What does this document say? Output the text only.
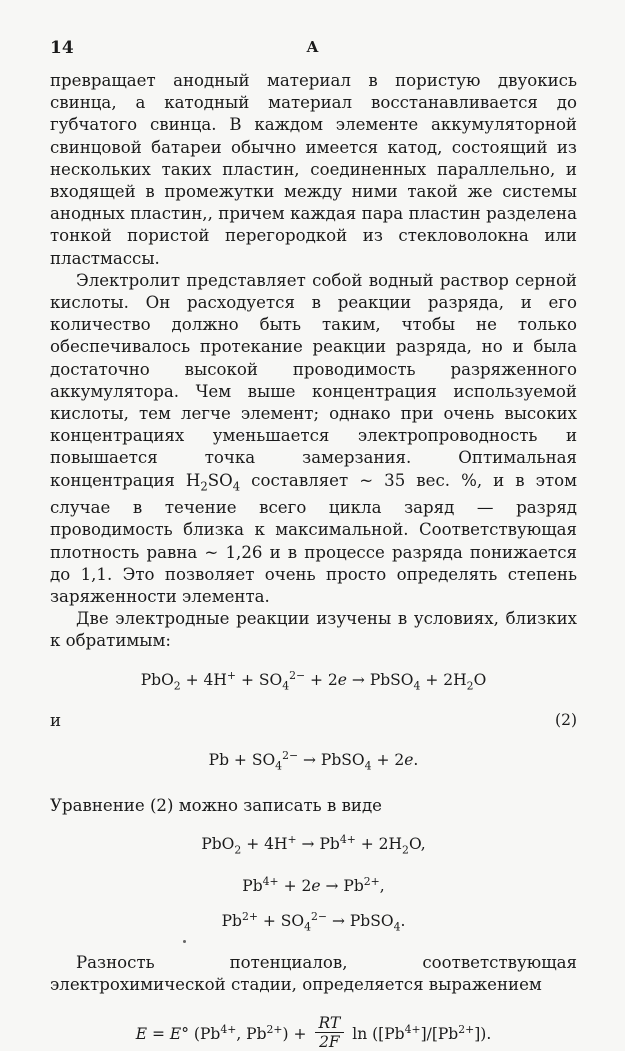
14	А

превращает анодный материал в пористую двуокись свинца, а катодный материал восстанавливается до губчатого свинца. В каждом элементе аккумуляторной свинцовой батареи обычно имеется катод, состоящий из нескольких таких пластин, соединенных параллельно, и входящей в промежутки между ними такой же системы анодных пластин,, причем каждая пара пластин разделена тонкой пористой перегородкой из стекловолокна или пластмассы.

Электролит представляет собой водный раствор серной кислоты. Он расходуется в реакции разряда, и его количество должно быть таким, чтобы не только обеспечивалось протекание реакции разряда, но и была достаточно высокой проводимость разряженного аккумулятора. Чем выше концентрация используемой кислоты, тем легче элемент; однако при очень высоких концентрациях уменьшается электропроводность и повышается точка замерзания. Оптимальная концентрация $H_2SO_4$ составляет ~ 35 вес. %, и в этом случае в течение всего цикла заряд — разряд проводимость близка к максимальной. Соответствующая плотность равна ~ 1,26 и в процессе разряда понижается до 1,1. Это позволяет очень просто определять степень заряженности элемента.

Две электродные реакции изучены в условиях, близких к обратимым:

$PbO_2 + 4H^+ + SO_4^{2-} + 2e$ → PbSO$_4$ + $2H_2O$
и	(2)
$Pb + SO_4^{2-}$ → PbSO$_4$ + 2e.

Уравнение (2) можно записать в виде

$PbO_2 + 4H^+ \to Pb^{4+} + 2H_2O$,
$Pb^{4+} + 2e \to Pb^{2+}$,
$Pb^{2+} + SO_4^{2-}$ → PbSO$_4$.

Разность потенциалов, соответствующая электрохимической стадии, определяется выражением

E = E° ($Pb^{4+}$, $Pb^{2+}) + \frac{RT}{2F}$ $\ln ([Pb^{4+}]/[Pb^{2+}])$.
